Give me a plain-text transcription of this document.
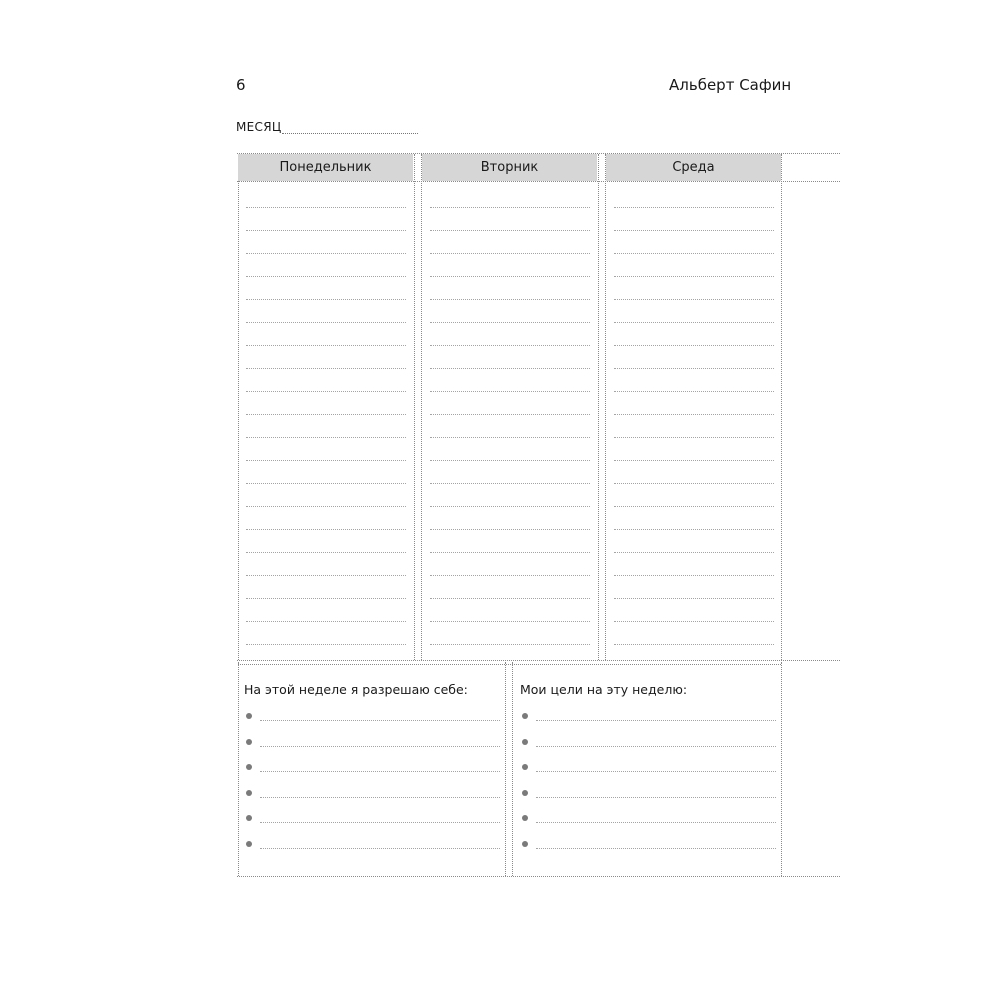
6	Альберт Сафин
МЕСЯЦ
Понедельник	Вторник	Среда
На этой неделе я разрешаю себе:	Мои цели на эту неделю:
